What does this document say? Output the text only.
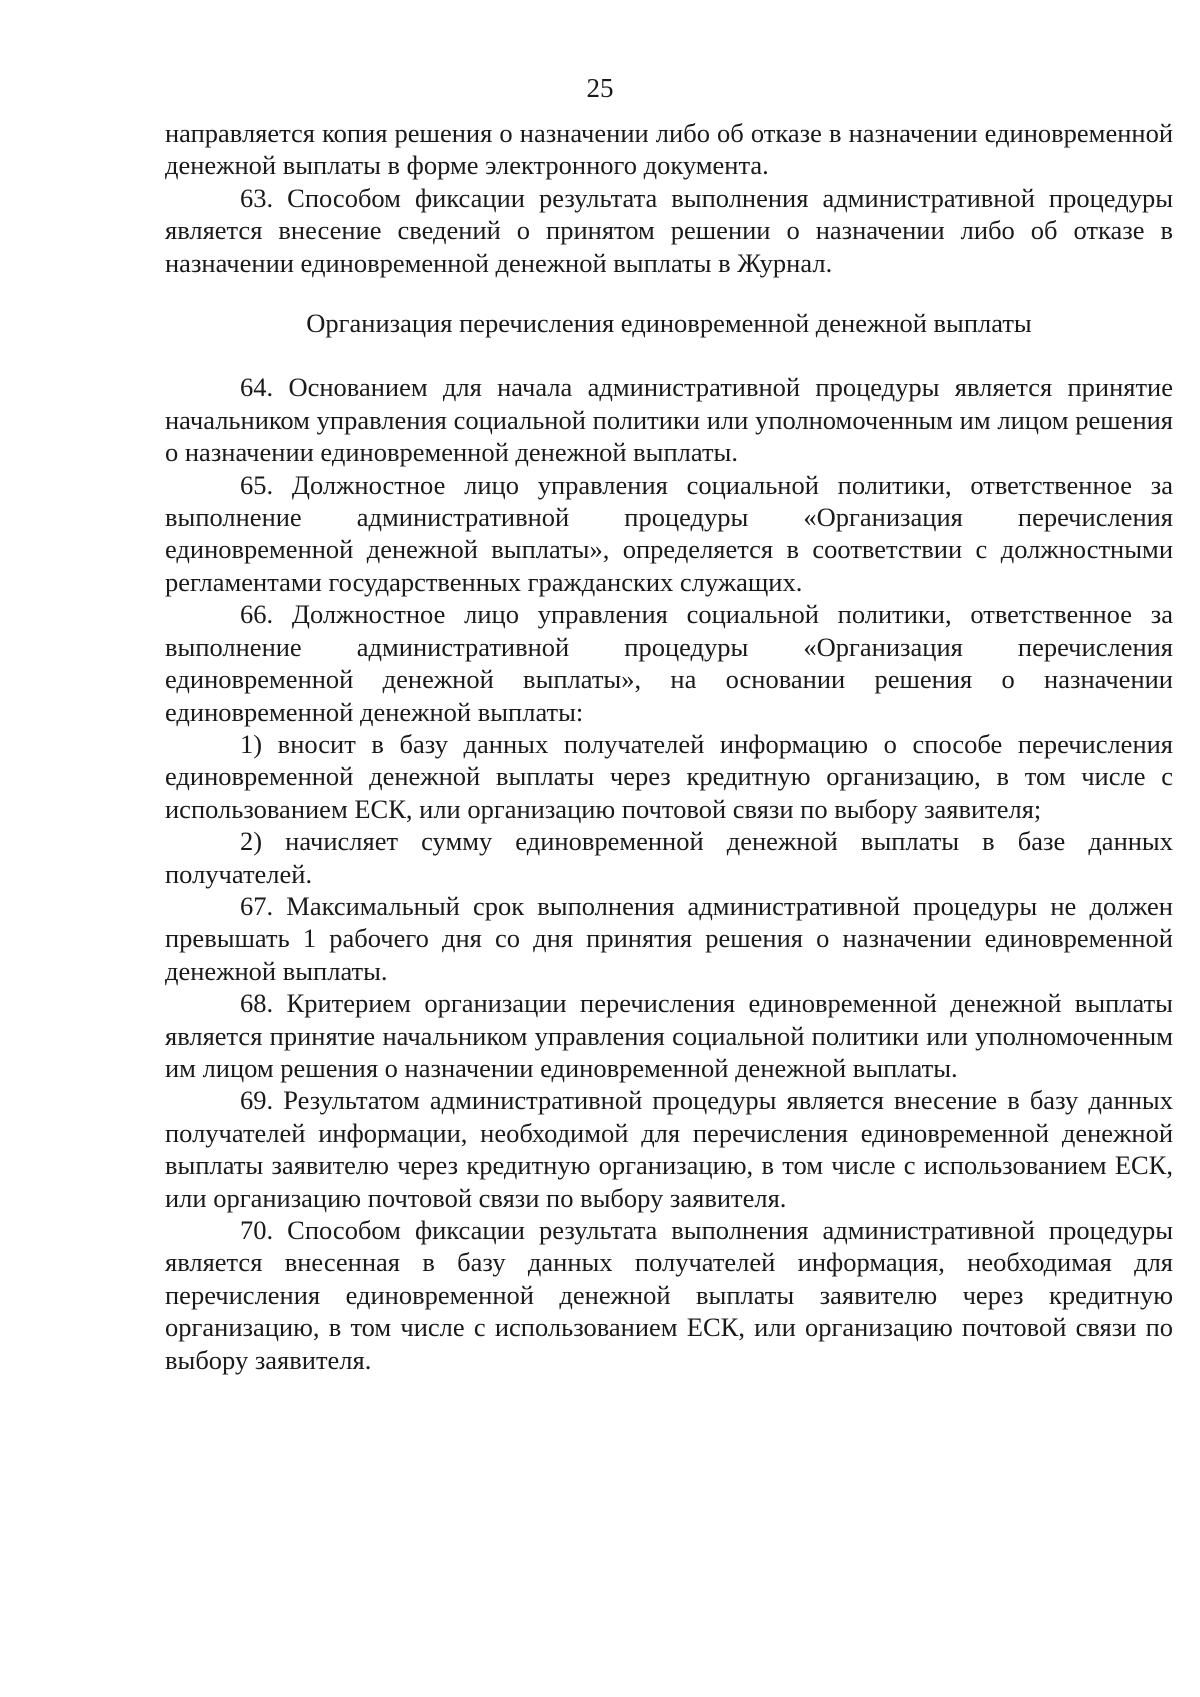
25

направляется копия решения о назначении либо об отказе в назначении единовременной денежной выплаты в форме электронного документа.

63. Способом фиксации результата выполнения административной процедуры является внесение сведений о принятом решении о назначении либо об отказе в назначении единовременной денежной выплаты в Журнал.

Организация перечисления единовременной денежной выплаты

64. Основанием для начала административной процедуры является принятие начальником управления социальной политики или уполномоченным им лицом решения о назначении единовременной денежной выплаты.

65. Должностное лицо управления социальной политики, ответственное за выполнение административной процедуры «Организация перечисления единовременной денежной выплаты», определяется в соответствии с должностными регламентами государственных гражданских служащих.

66. Должностное лицо управления социальной политики, ответственное за выполнение административной процедуры «Организация перечисления единовременной денежной выплаты», на основании решения о назначении единовременной денежной выплаты:

1) вносит в базу данных получателей информацию о способе перечисления единовременной денежной выплаты через кредитную организацию, в том числе с использованием ЕСК, или организацию почтовой связи по выбору заявителя;

2) начисляет сумму единовременной денежной выплаты в базе данных получателей.

67. Максимальный срок выполнения административной процедуры не должен превышать 1 рабочего дня со дня принятия решения о назначении единовременной денежной выплаты.

68. Критерием организации перечисления единовременной денежной выплаты является принятие начальником управления социальной политики или уполномоченным им лицом решения о назначении единовременной денежной выплаты.

69. Результатом административной процедуры является внесение в базу данных получателей информации, необходимой для перечисления единовременной денежной выплаты заявителю через кредитную организацию, в том числе с использованием ЕСК, или организацию почтовой связи по выбору заявителя.

70. Способом фиксации результата выполнения административной процедуры является внесенная в базу данных получателей информация, необходимая для перечисления единовременной денежной выплаты заявителю через кредитную организацию, в том числе с использованием ЕСК, или организацию почтовой связи по выбору заявителя.
